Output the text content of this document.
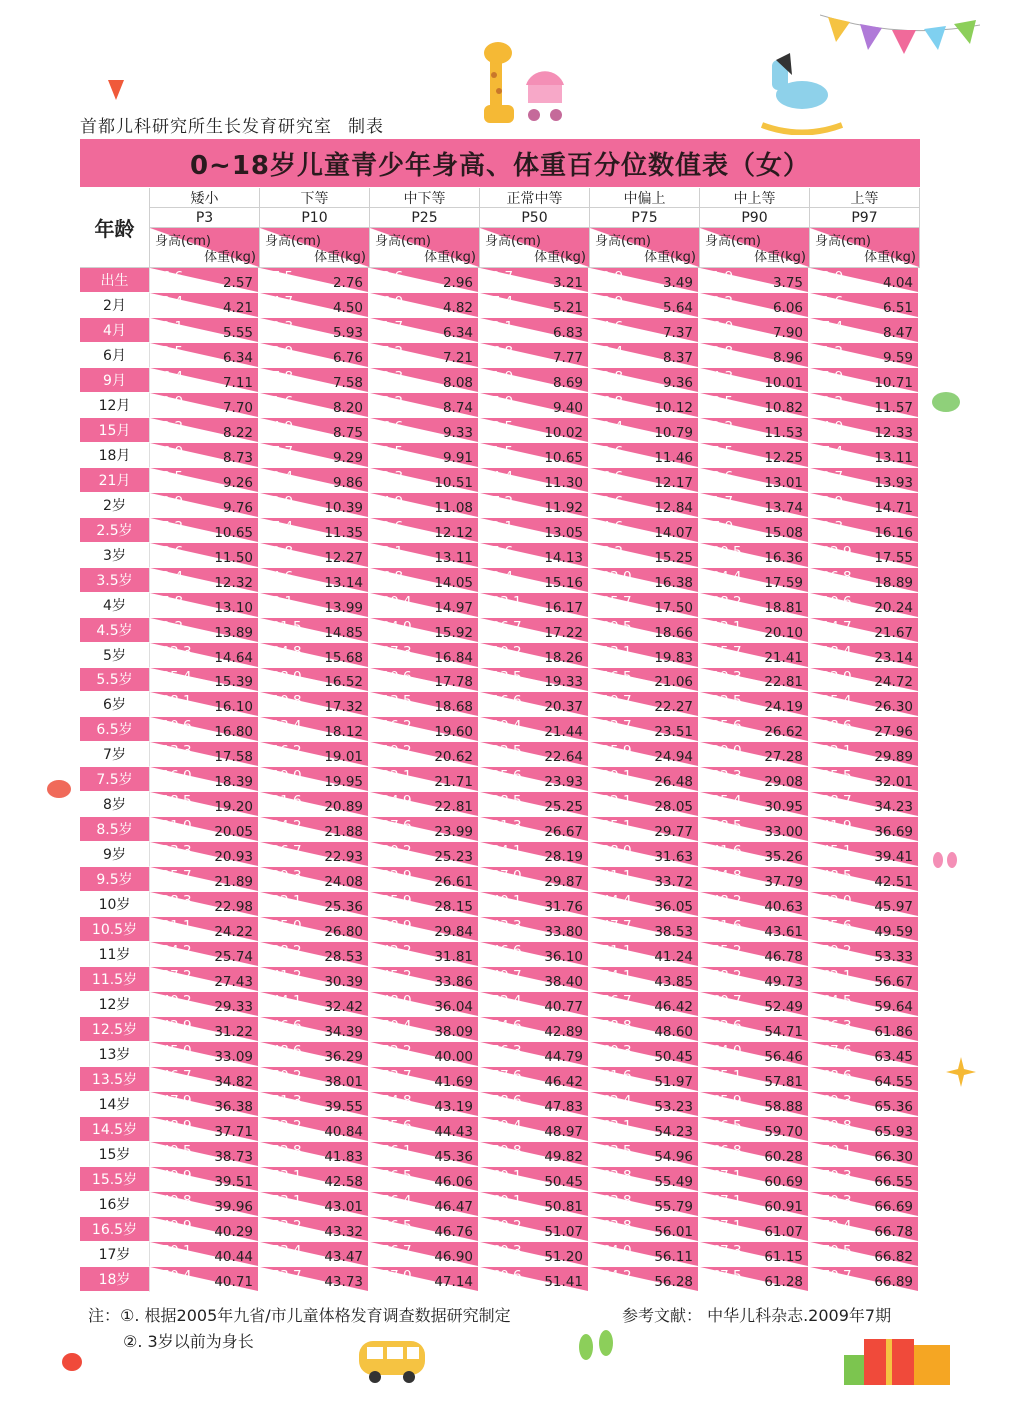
首都儿科研究所生长发育研究室 制表
0~18岁儿童青少年身高、体重百分位数值表（女）
年龄
矮小	下等	中下等	正常中等	中偏上	中上等	上等
P3	P10	P25	P50	P75	P90	P97
身高(cm)
体重(kg)
身高(cm)
体重(kg)
身高(cm)
体重(kg)
身高(cm)
体重(kg)
身高(cm)
体重(kg)
身高(cm)
体重(kg)
身高(cm)
体重(kg)
出生	46.6	2.57 47.5	2.76 48.6	2.96 49.7	3.21 50.9	3.49 51.9	3.75 53.0	4.04
2月	53.4	4.21 54.7	4.50 56.0	4.82 57.4	5.21 58.9	5.64 60.2	6.06 61.6	6.51
4月	59.1	5.55 60.3	5.93 61.7	6.34 63.1	6.83 64.6	7.37 66.0	7.90 67.4	8.47
6月	62.5	6.34 63.9	6.76 65.2	7.21 66.8	7.77 68.4	8.37 69.8	8.96 71.2	9.59
9月	66.4	7.11 67.8	7.58 69.3	8.08 71.0	8.69 72.8	9.36 74.3 10.01 75.9 10.71
12月	70.0	7.70 71.6	8.20 73.2	8.74 75.0	9.40 76.8 10.12 78.5 10.82 80.2 11.57
15月	73.2	8.22 74.9	8.75 76.6	9.33 78.5 10.02 80.4 10.79 82.2 11.53 84.0 12.33
18月	76.0	8.73 77.7	9.29 79.5	9.91 81.5 10.65 83.6 11.46 85.5 12.25 87.4 13.11
21月	78.5	9.26 80.4	9.86 82.3 10.51 84.4 11.30 86.6 12.17 88.6 13.01 90.7 13.93
2岁	80.9	9.76 82.9 10.39 84.9 11.08 87.2 11.92 89.6 12.84 91.7 13.74 93.9 14.71
2.5岁	85.2 10.65 87.4 11.35 89.6 12.12 92.1 13.05 94.6 14.07 97.0 15.08 99.3 16.16
3岁	88.6 11.50 90.8 12.27 93.1 13.11 95.6 14.13 98.2 15.25 100.5 16.36 102.9 17.55
3.5岁	92.4 12.32 94.6 13.14 96.8 14.05 99.4 15.16 102.0 16.38 104.4 17.59 106.8 18.89
4岁	95.8 13.10 98.1 13.99 100.4 14.97 103.1 16.17 105.7 17.50 108.2 18.81 110.6 20.24
4.5岁	99.2 13.89 101.5 14.85 104.0 15.92 106.7 17.22 109.5 18.66 112.1 20.10 114.7 21.67
5岁	102.3 14.64 104.8 15.68 107.3 16.84 110.2 18.26 113.1 19.83 115.7 21.41 118.4 23.14
5.5岁	105.4 15.39 108.0 16.52 110.6 17.78 113.5 19.33 116.5 21.06 119.3 22.81 122.0 24.72
6岁	108.1 16.10 110.8 17.32 113.5 18.68 116.6 20.37 119.7 22.27 122.5 24.19 125.4 26.30
6.5岁	110.6 16.80 113.4 18.12 116.2 19.60 119.4 21.44 122.7 23.51 125.6 26.62 128.6 27.96
7岁	113.3 17.58 116.2 19.01 119.2 20.62 122.5 22.64 125.9 24.94 129.0 27.28 132.1 29.89
7.5岁	116.0 18.39 119.0 19.95 122.1 21.71 125.6 23.93 129.1 26.48 132.3 29.08 135.5 32.01
8岁	118.5 19.20 121.6 20.89 124.9 22.81 128.5 25.25 132.1 28.05 135.4 30.95 138.7 34.23
8.5岁	121.0 20.05 124.2 21.88 127.6 23.99 131.3 26.67 135.1 29.77 138.5 33.00 141.9 36.69
9岁	123.3 20.93 126.7 22.93 130.2 25.23 134.1 28.19 138.0 31.63 141.6 35.26 145.1 39.41
9.5岁	125.7 21.89 129.3 24.08 132.9 26.61 137.0 29.87 141.1 33.72 144.8 37.79 148.5 42.51
10岁	128.3 22.98 132.1 25.36 135.9 28.15 140.1 31.76 144.4 36.05 148.2 40.63 152.0 45.97
10.5岁	131.1 24.22 135.0 26.80 138.9 29.84 143.3 33.80 147.7 38.53 151.6 43.61 155.6 49.59
11岁	134.2 25.74 138.2 28.53 142.2 31.81 146.6 36.10 151.1 41.24 155.2 46.78 159.2 53.33
11.5岁	137.2 27.43 141.2 30.39 145.2 33.86 149.7 38.40 154.1 43.85 158.2 49.73 162.1 56.67
12岁	140.2 29.33 144.1 32.42 148.0 36.04 152.4 40.77 156.7 46.42 160.7 52.49 164.5 59.64
12.5岁	142.9 31.22 146.6 34.39 150.4 38.09 154.6 42.89 158.8 48.60 162.6 54.71 166.3 61.86
13岁	145.0 33.09 148.6 36.29 152.2 40.00 156.3 44.79 160.3 50.45 164.0 56.46 167.6 63.45
13.5岁	146.7 34.82 150.2 38.01 153.7 41.69 157.6 46.42 161.6 51.97 165.1 57.81 168.6 64.55
14岁	147.9 36.38 151.3 39.55 154.8 43.19 158.6 47.83 162.4 53.23 165.9 58.88 169.3 65.36
14.5岁	148.9 37.71 152.2 40.84 155.6 44.43 159.4 48.97 163.1 54.23 166.5 59.70 169.8 65.93
15岁	149.5 38.73 152.8 41.83 156.1 45.36 159.8 49.82 163.5 54.96 166.8 60.28 170.1 66.30
15.5岁	149.9 39.51 153.1 42.58 156.5 46.06 160.1 50.45 163.8 55.49 167.1 60.69 170.3 66.55
16岁	149.8 39.96 153.1 43.01 156.4 46.47 160.1 50.81 163.8 55.79 167.1 60.91 170.3 66.69
16.5岁	149.9 40.29 153.2 43.32 156.5 46.76 160.2 51.07 163.8 56.01 167.1 61.07 170.4 66.78
17岁	150.1 40.44 153.4 43.47 156.7 46.90 160.3 51.20 164.0 56.11 167.3 61.15 170.5 66.82
18岁	150.4 40.71 153.7 43.73 157.0 47.14 160.6 51.41 164.2 56.28 167.5 61.28 170.7 66.89
注：①. 根据2005年九省/市儿童体格发育调查数据研究制定
②. 3岁以前为身长
参考文献： 中华儿科杂志.2009年7期
